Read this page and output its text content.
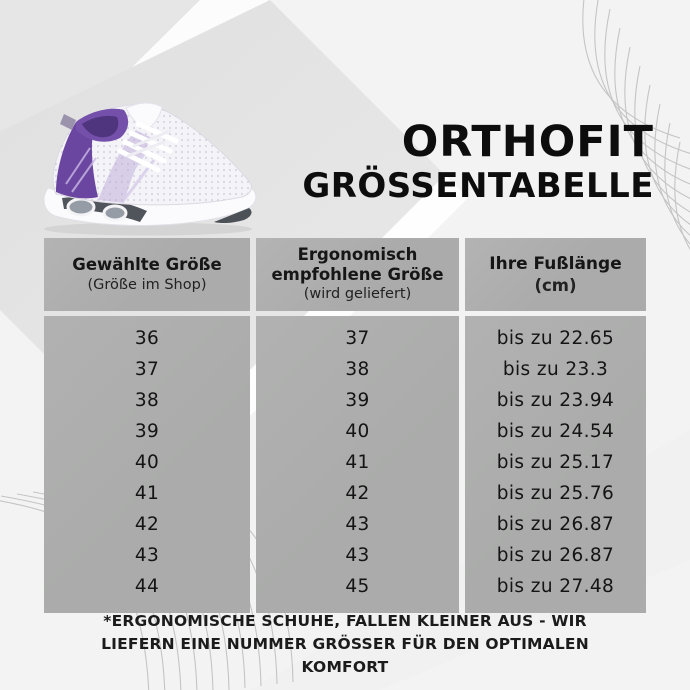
ORTHOFIT
GRÖSSENTABELLE
Gewählte Größe
(Größe im Shop)
Ergonomisch empfohlene Größe
(wird geliefert)
Ihre Fußlänge
(cm)
36
37
38
39
40
41
42
43
44
37
38
39
40
41
42
43
43
45
bis zu 22.65
bis zu 23.3
bis zu 23.94
bis zu 24.54
bis zu 25.17
bis zu 25.76
bis zu 26.87
bis zu 26.87
bis zu 27.48
*ERGONOMISCHE SCHUHE, FALLEN KLEINER AUS - WIR LIEFERN EINE NUMMER GRÖSSER FÜR DEN OPTIMALEN KOMFORT
